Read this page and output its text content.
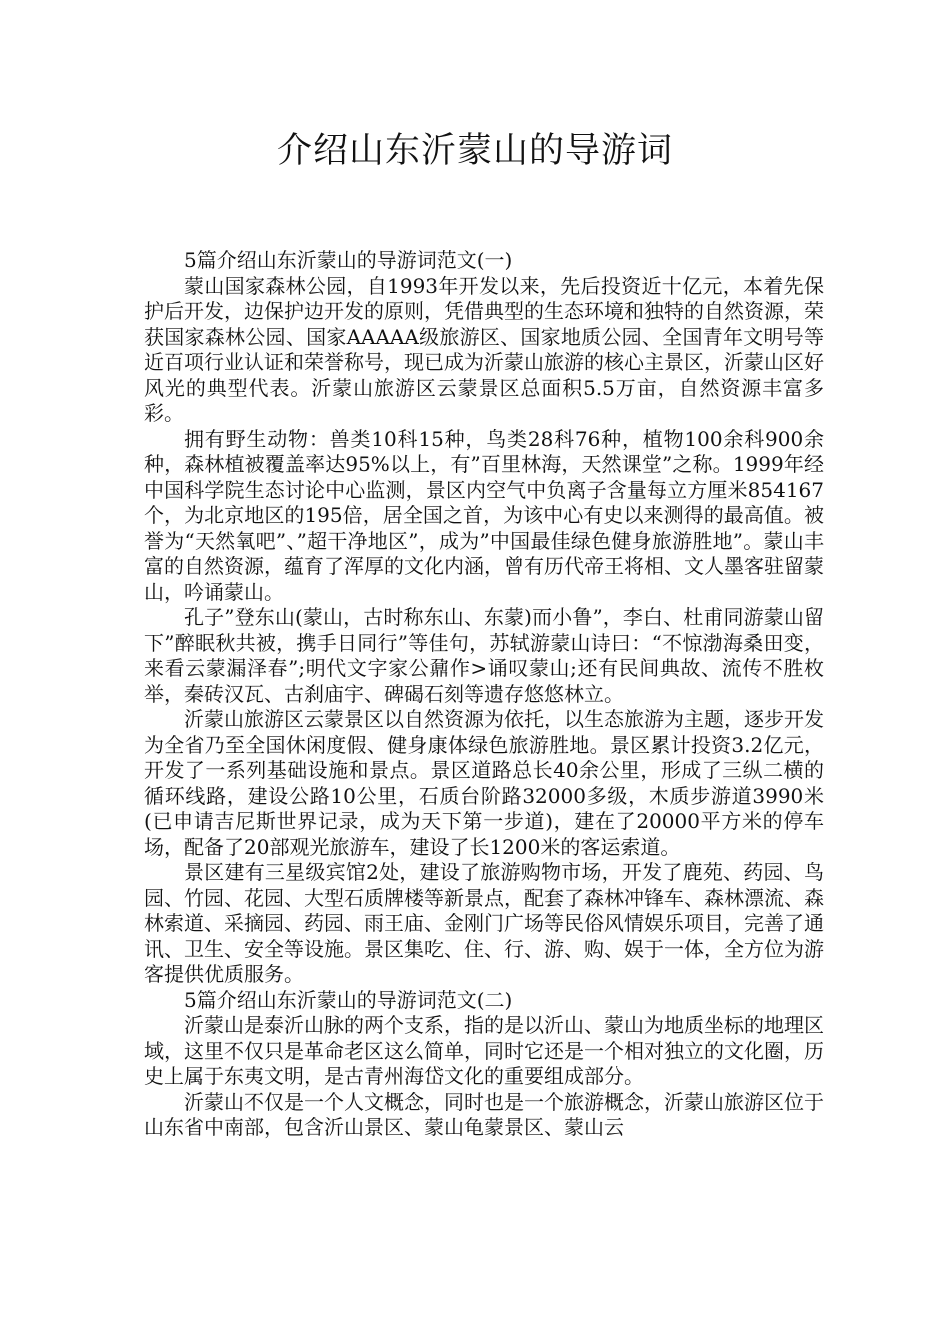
介绍山东沂蒙山的导游词

5篇介绍山东沂蒙山的导游词范文(一)

蒙山国家森林公园，自1993年开发以来，先后投资近十亿元，本着先保护后开发，边保护边开发的原则，凭借典型的生态环境和独特的自然资源，荣获国家森林公园、国家AAAAA级旅游区、国家地质公园、全国青年文明号等近百项行业认证和荣誉称号，现已成为沂蒙山旅游的核心主景区，沂蒙山区好风光的典型代表。沂蒙山旅游区云蒙景区总面积5.5万亩，自然资源丰富多彩。

拥有野生动物：兽类10科15种，鸟类28科76种，植物100余科900余种，森林植被覆盖率达95%以上，有”百里林海，天然课堂”之称。1999年经中国科学院生态讨论中心监测，景区内空气中负离子含量每立方厘米854167个，为北京地区的195倍，居全国之首，为该中心有史以来测得的最高值。被誉为“天然氧吧”、”超干净地区”，成为”中国最佳绿色健身旅游胜地”。蒙山丰富的自然资源，蕴育了浑厚的文化内涵，曾有历代帝王将相、文人墨客驻留蒙山，吟诵蒙山。

孔子”登东山(蒙山，古时称东山、东蒙)而小鲁”，李白、杜甫同游蒙山留下”醉眠秋共被，携手日同行”等佳句，苏轼游蒙山诗曰：“不惊渤海桑田变，来看云蒙漏泽春”;明代文字家公鼐作>诵叹蒙山;还有民间典故、流传不胜枚举，秦砖汉瓦、古刹庙宇、碑碣石刻等遗存悠悠林立。

沂蒙山旅游区云蒙景区以自然资源为依托，以生态旅游为主题，逐步开发为全省乃至全国休闲度假、健身康体绿色旅游胜地。景区累计投资3.2亿元，开发了一系列基础设施和景点。景区道路总长40余公里，形成了三纵二横的循环线路，建设公路10公里，石质台阶路32000多级，木质步游道3990米(已申请吉尼斯世界记录，成为天下第一步道)，建在了20000平方米的停车场，配备了20部观光旅游车，建设了长1200米的客运索道。

景区建有三星级宾馆2处，建设了旅游购物市场，开发了鹿苑、药园、鸟园、竹园、花园、大型石质牌楼等新景点，配套了森林冲锋车、森林漂流、森林索道、采摘园、药园、雨王庙、金刚门广场等民俗风情娱乐项目，完善了通讯、卫生、安全等设施。景区集吃、住、行、游、购、娱于一体，全方位为游客提供优质服务。

5篇介绍山东沂蒙山的导游词范文(二)

沂蒙山是泰沂山脉的两个支系，指的是以沂山、蒙山为地质坐标的地理区域，这里不仅只是革命老区这么简单，同时它还是一个相对独立的文化圈，历史上属于东夷文明，是古青州海岱文化的重要组成部分。

沂蒙山不仅是一个人文概念，同时也是一个旅游概念，沂蒙山旅游区位于山东省中南部，包含沂山景区、蒙山龟蒙景区、蒙山云
